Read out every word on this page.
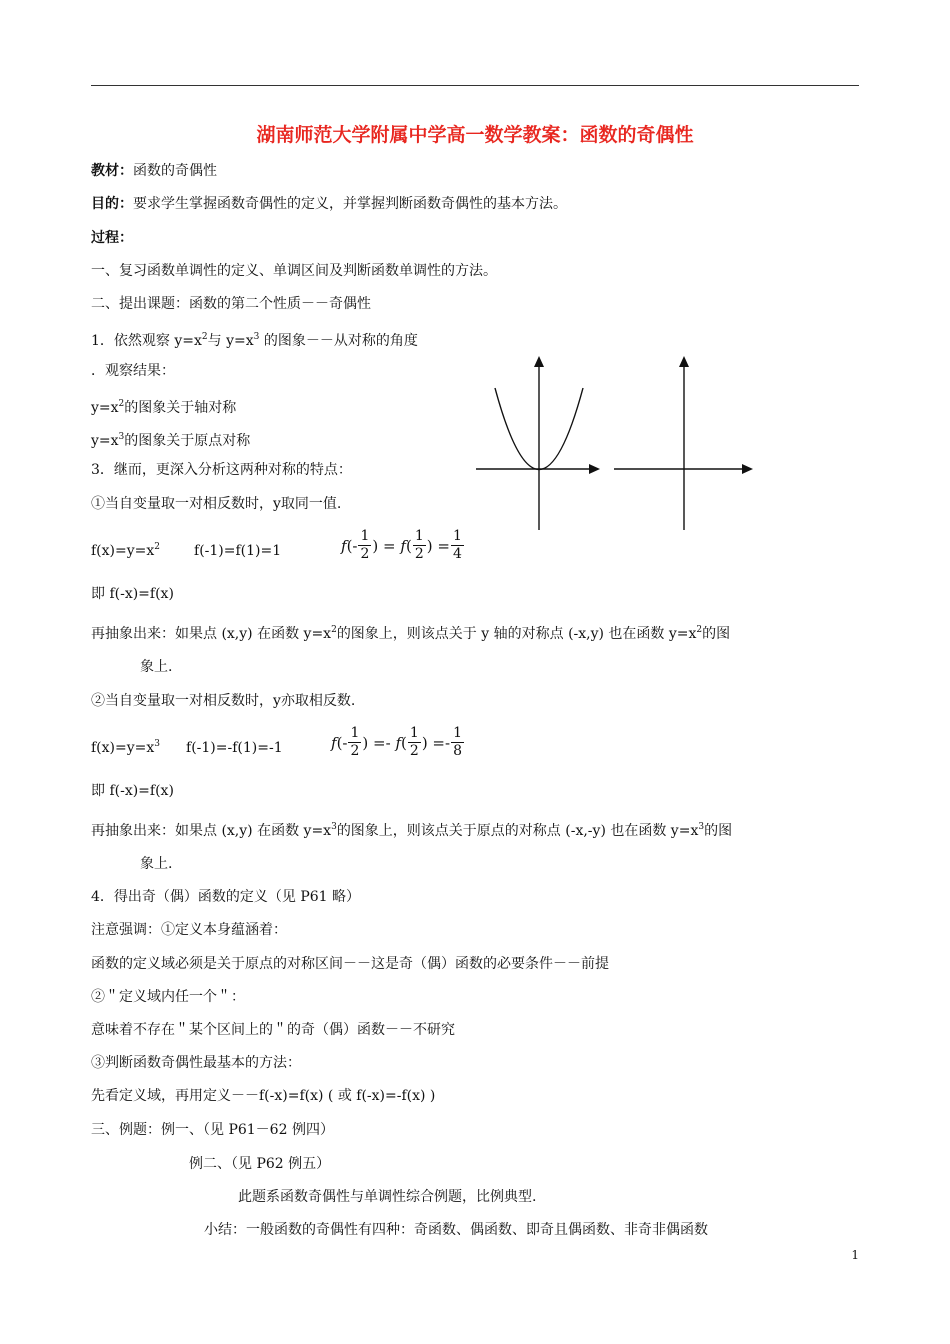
湖南师范大学附属中学高一数学教案：函数的奇偶性
教材：函数的奇偶性
目的：要求学生掌握函数奇偶性的定义，并掌握判断函数奇偶性的基本方法。
过程：
一、复习函数单调性的定义、单调区间及判断函数单调性的方法。
二、提出课题：函数的第二个性质－－奇偶性
1．依然观察 $y=x^2$与 $y=x^3$ 的图象－－从对称的角度
．观察结果：
$y=x^2$的图象关于轴对称
$y=x^3$的图象关于原点对称
3．继而，更深入分析这两种对称的特点：
①当自变量取一对相反数时，y取同一值.
$f(x)=y=x^2$ f(-1)=f(1)=1	f (- $\frac{1}{2}$ )
=
f ( $\frac{1}{2}$ ) = $\frac{1}{4}$
即 f(-x)=f(x)
再抽象出来：如果点 (x,y) 在函数 $y=x^2$的图象上，则该点关于 y 轴的对称点 (-x,y) 也在函数 $y=x^2$的图
象上.
②当自变量取一对相反数时，y亦取相反数.
$f(x)=y=x^3$ f(-1)=-f(1)=-1	f (- $\frac{1}{2}$ )
=-
f ( $\frac{1}{2}$ ) =- $\frac{1}{8}$
即 f(-x)=f(x)
再抽象出来：如果点 (x,y) 在函数 $y=x^3$的图象上，则该点关于原点的对称点 (-x,-y) 也在函数 $y=x^3$的图
象上.
4．得出奇（偶）函数的定义（见 P61 略）
注意强调：①定义本身蕴涵着：
函数的定义域必须是关于原点的对称区间－－这是奇（偶）函数的必要条件－－前提
②＂定义域内任一个＂：
意味着不存在＂某个区间上的＂的奇（偶）函数－－不研究
③判断函数奇偶性最基本的方法：
先看定义域，再用定义－－f(-x)=f(x) ( 或 f(-x)=-f(x) )
三、例题：例一、（见 P61－62 例四）
例二、（见 P62 例五）
此题系函数奇偶性与单调性综合例题，比例典型.
小结：一般函数的奇偶性有四种：奇函数、偶函数、即奇且偶函数、非奇非偶函数
1
